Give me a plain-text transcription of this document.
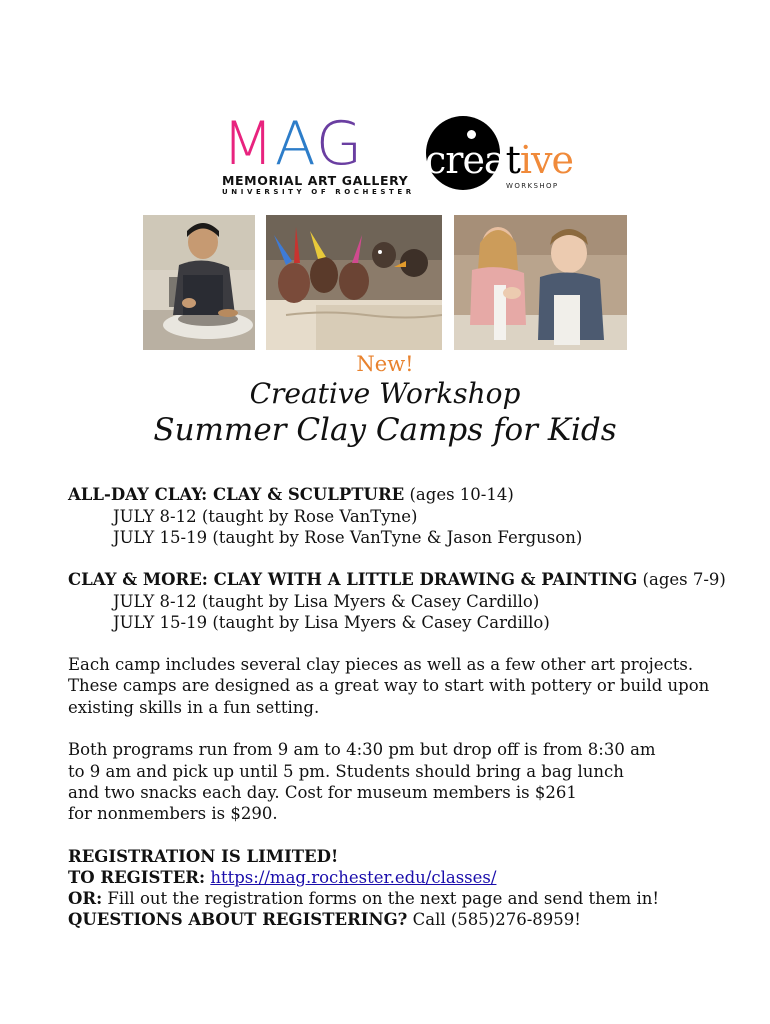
MAG
MEMORIAL ART GALLERY
UNIVERSITY OF ROCHESTER
creative
WORKSHOP
New!
Creative Workshop
Summer Clay Camps for Kids
ALL-DAY CLAY: CLAY & SCULPTURE (ages 10-14)
JULY 8-12 (taught by Rose VanTyne)
JULY 15-19 (taught by Rose VanTyne & Jason Ferguson)
CLAY & MORE: CLAY WITH A LITTLE DRAWING & PAINTING (ages 7-9)
JULY 8-12 (taught by Lisa Myers & Casey Cardillo)
JULY 15-19 (taught by Lisa Myers & Casey Cardillo)
Each camp includes several clay pieces as well as a few other art projects.
These camps are designed as a great way to start with pottery or build upon
existing skills in a fun setting.
Both programs run from 9 am to 4:30 pm but drop off is from 8:30 am
to 9 am and pick up until 5 pm. Students should bring a bag lunch
and two snacks each day. Cost for museum members is $261
for nonmembers is $290.
REGISTRATION IS LIMITED!
TO REGISTER: https://mag.rochester.edu/classes/
OR: Fill out the registration forms on the next page and send them in!
QUESTIONS ABOUT REGISTERING? Call (585)276-8959!
